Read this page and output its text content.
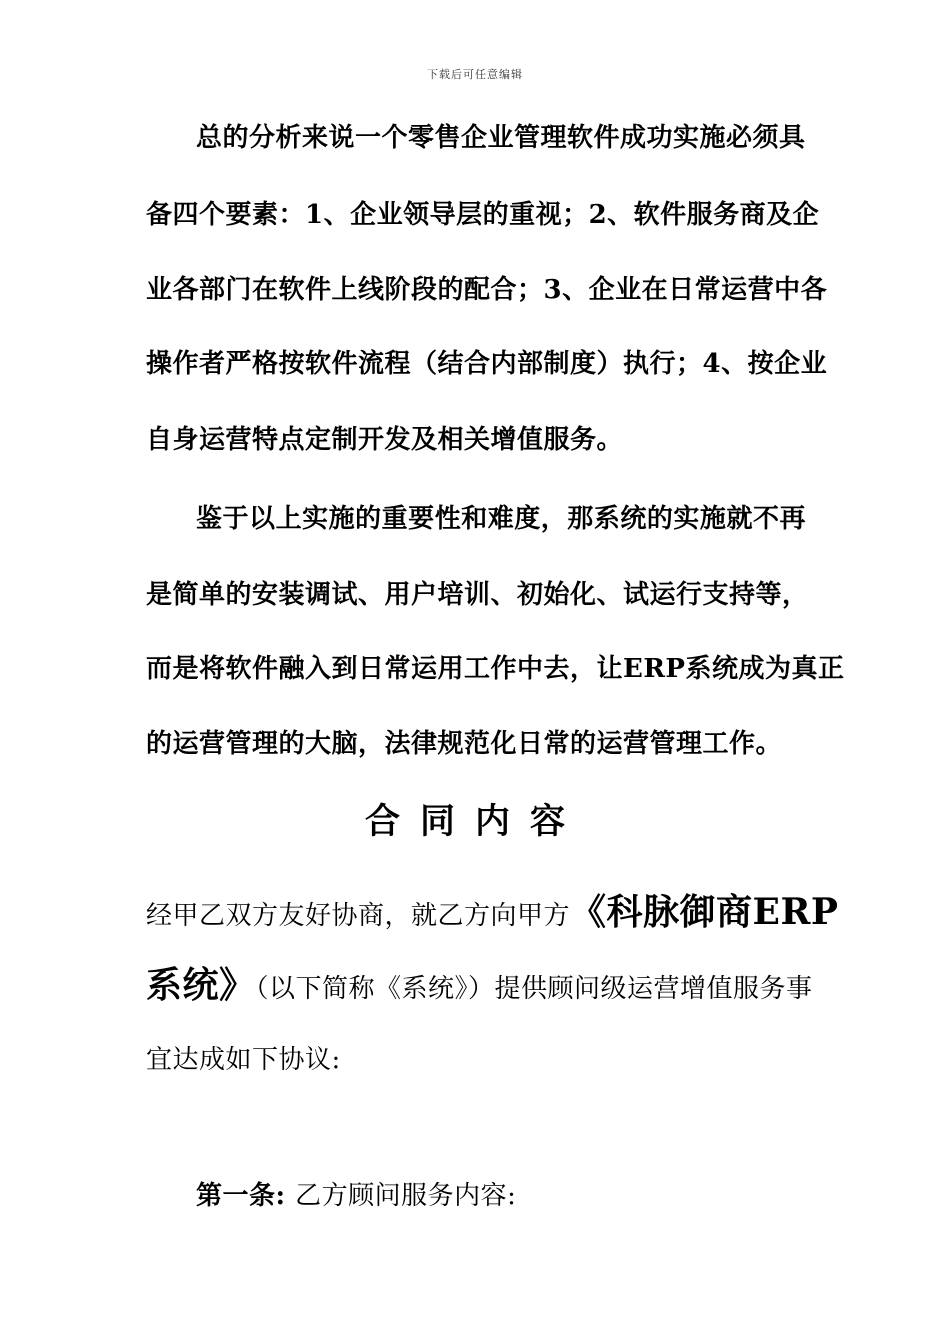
下载后可任意编辑
总的分析来说一个零售企业管理软件成功实施必须具
备四个要素：1、企业领导层的重视；2、软件服务商及企
业各部门在软件上线阶段的配合；3、企业在日常运营中各
操作者严格按软件流程（结合内部制度）执行；4、按企业
自身运营特点定制开发及相关增值服务。
鉴于以上实施的重要性和难度，那系统的实施就不再
是简单的安装调试、用户培训、初始化、试运行支持等，
而是将软件融入到日常运用工作中去，让ERP系统成为真正
的运营管理的大脑，法律规范化日常的运营管理工作。
合同内容
经甲乙双方友好协商，就乙方向甲方《科脉御商ERP
系统》（以下简称《系统》）提供顾问级运营增值服务事
宜达成如下协议:
第一条: 乙方顾问服务内容:
